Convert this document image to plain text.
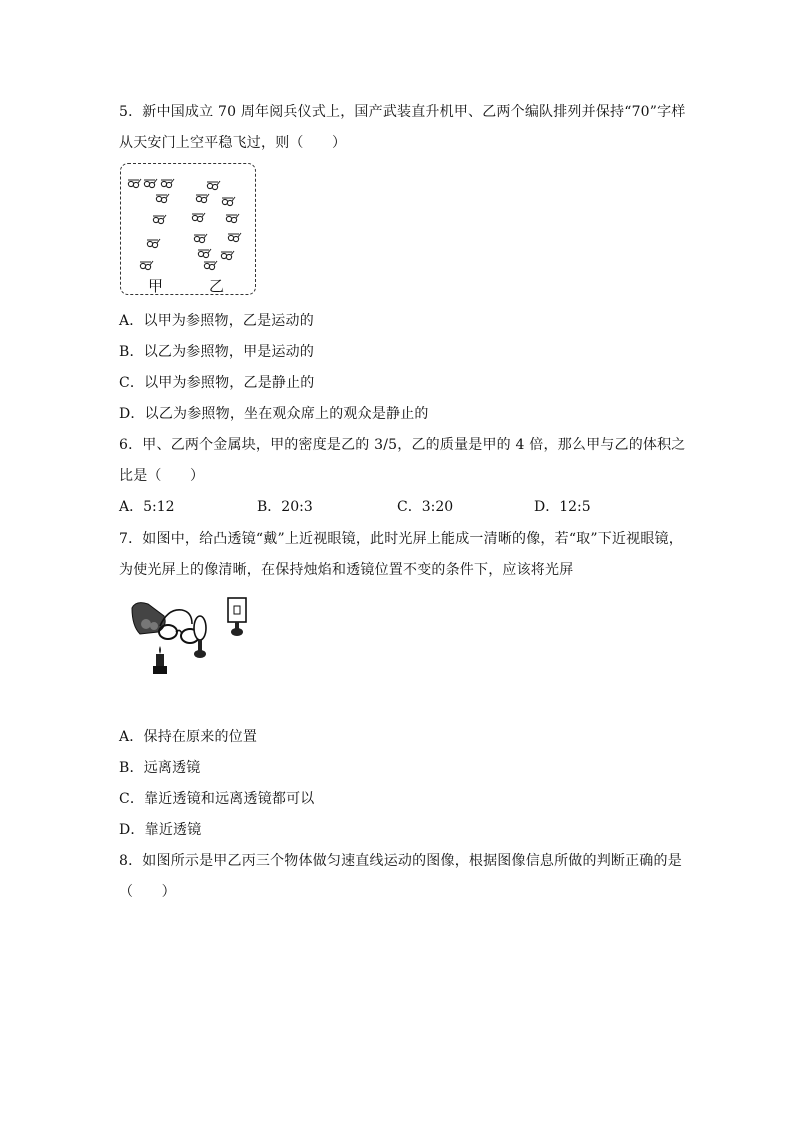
5．新中国成立 70 周年阅兵仪式上，国产武装直升机甲、乙两个编队排列并保持“70”字样
从天安门上空平稳飞过，则（　　）
甲	乙
A．以甲为参照物，乙是运动的
B．以乙为参照物，甲是运动的
C．以甲为参照物，乙是静止的
D．以乙为参照物，坐在观众席上的观众是静止的
6．甲、乙两个金属块，甲的密度是乙的 3/5，乙的质量是甲的 4 倍，那么甲与乙的体积之
比是（　　）
A．5:12	B．20:3	C．3:20	D．12:5
7．如图中，给凸透镜“戴”上近视眼镜，此时光屏上能成一清晰的像，若“取”下近视眼镜，
为使光屏上的像清晰，在保持烛焰和透镜位置不变的条件下，应该将光屏
A．保持在原来的位置
B．远离透镜
C．靠近透镜和远离透镜都可以
D．靠近透镜
8．如图所示是甲乙丙三个物体做匀速直线运动的图像，根据图像信息所做的判断正确的是
（　　）
